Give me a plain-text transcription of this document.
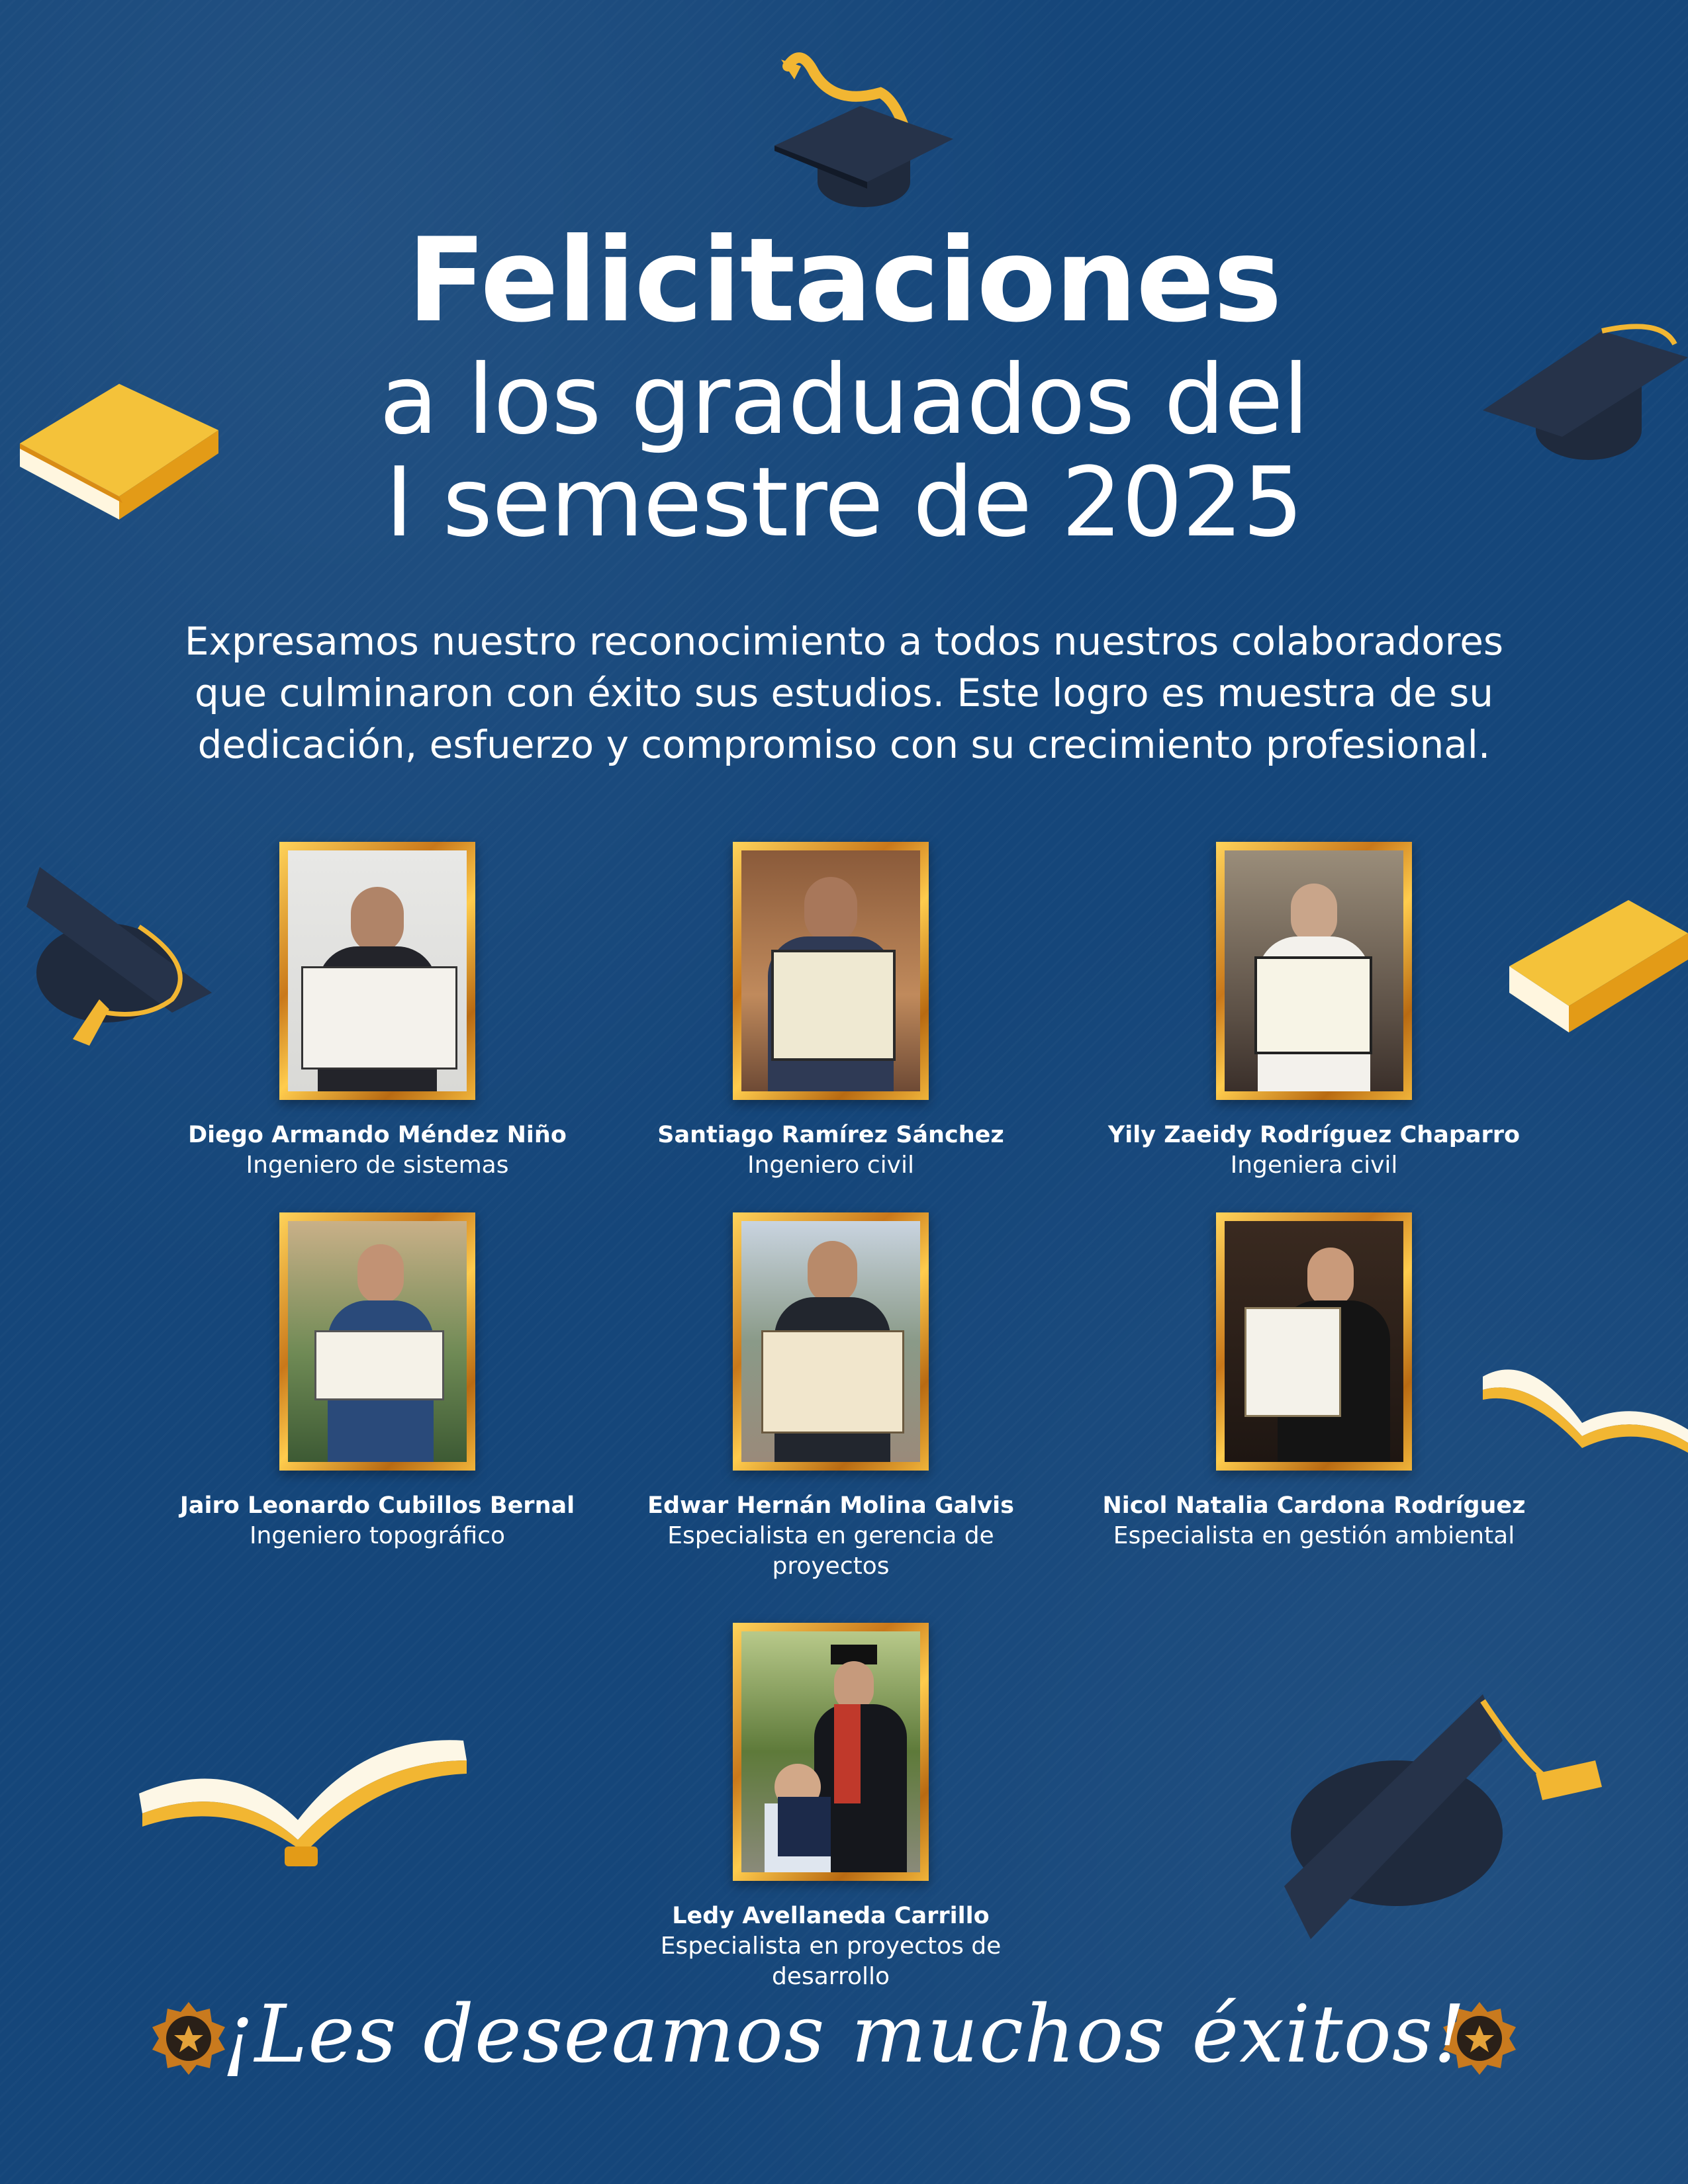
Felicitaciones
a los graduados del
I semestre de 2025
Expresamos nuestro reconocimiento a todos nuestros colaboradores
que culminaron con éxito sus estudios. Este logro es muestra de su
dedicación, esfuerzo y compromiso con su crecimiento profesional.
Diego Armando Méndez Niño
Ingeniero de sistemas
Santiago Ramírez Sánchez
Ingeniero civil
Yily Zaeidy Rodríguez Chaparro
Ingeniera civil
Jairo Leonardo Cubillos Bernal
Ingeniero topográfico
Edwar Hernán Molina Galvis
Especialista en gerencia de
proyectos
Nicol Natalia Cardona Rodríguez
Especialista en gestión ambiental
Ledy Avellaneda Carrillo
Especialista en proyectos de
desarrollo
¡Les deseamos muchos éxitos!
